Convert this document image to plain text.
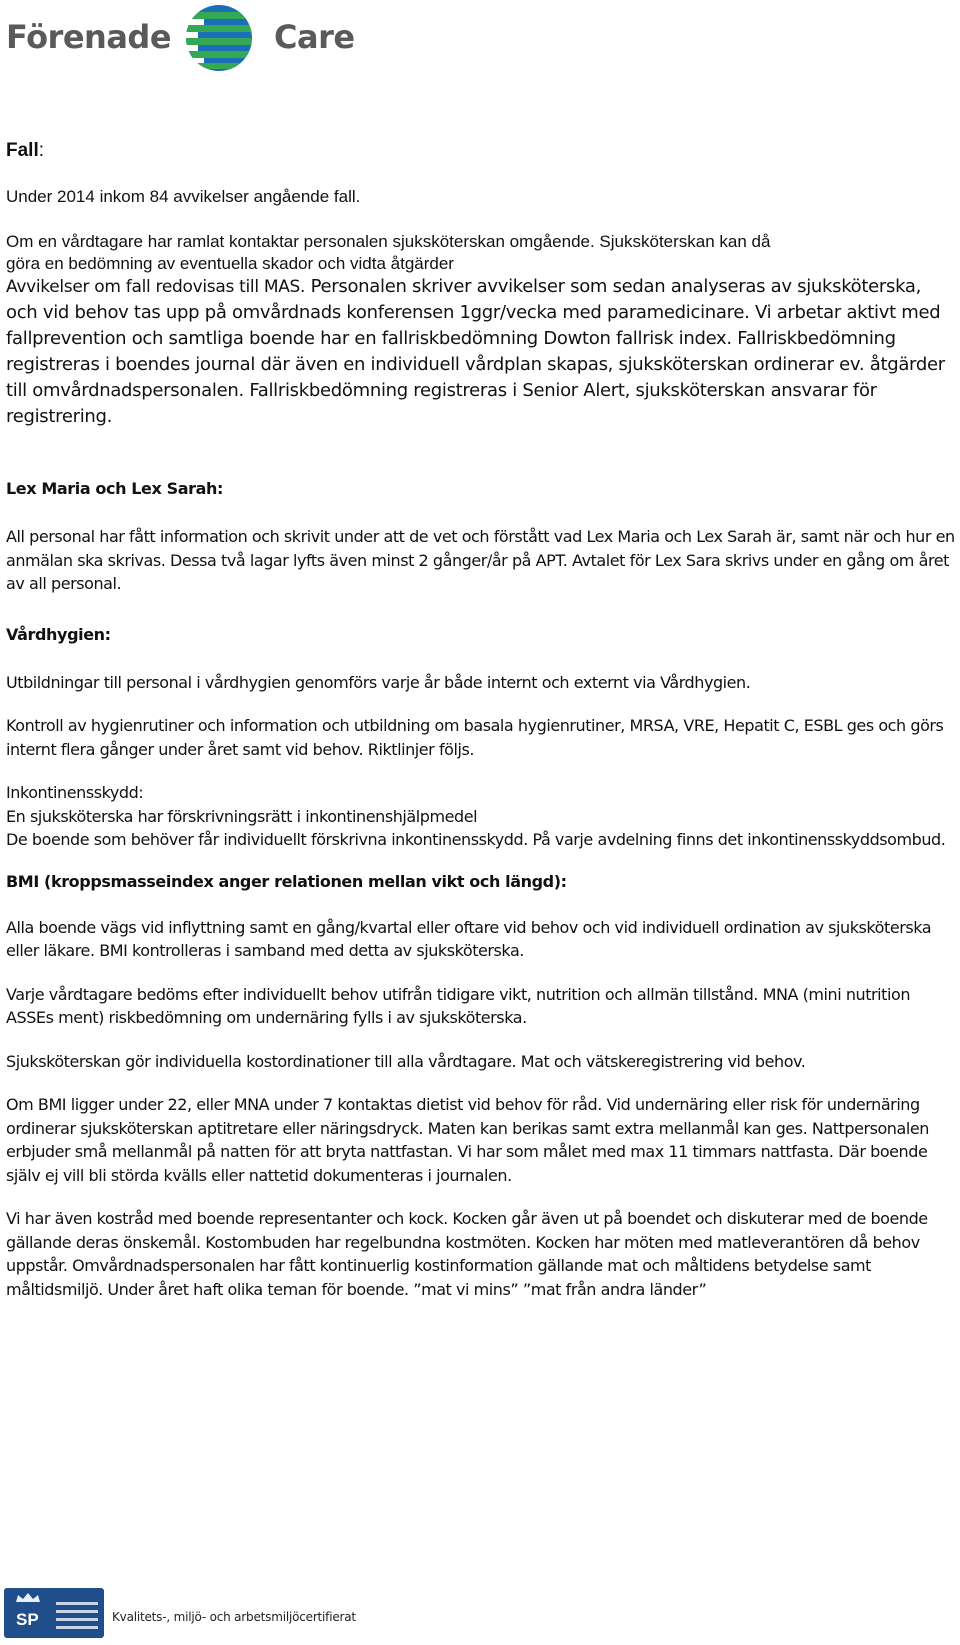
Förenade	Care

Fall:

Under 2014 inkom 84 avvikelser angående fall.

Om en vårdtagare har ramlat kontaktar personalen sjuksköterskan omgående. Sjuksköterskan kan då

göra en bedömning av eventuella skador och vidta åtgärder

Avvikelser om fall redovisas till MAS. Personalen skriver avvikelser som sedan analyseras av sjuksköterska, och vid behov tas upp på omvårdnads konferensen 1ggr/vecka med paramedicinare. Vi arbetar aktivt med fallprevention och samtliga boende har en fallriskbedömning Dowton fallrisk index. Fallriskbedömning registreras i boendes journal där även en individuell vårdplan skapas, sjuksköterskan ordinerar ev. åtgärder till omvårdnadspersonalen. Fallriskbedömning registreras i Senior Alert, sjuksköterskan ansvarar för registrering.

Lex Maria och Lex Sarah:

All personal har fått information och skrivit under att de vet och förstått vad Lex Maria och Lex Sarah är, samt när och hur en anmälan ska skrivas. Dessa två lagar lyfts även minst 2 gånger/år på APT. Avtalet för Lex Sara skrivs under en gång om året av all personal.

Vårdhygien:

Utbildningar till personal i vårdhygien genomförs varje år både internt och externt via Vårdhygien.

Kontroll av hygienrutiner och information och utbildning om basala hygienrutiner, MRSA, VRE, Hepatit C, ESBL ges och görs internt flera gånger under året samt vid behov. Riktlinjer följs.

Inkontinensskydd:

En sjuksköterska har förskrivningsrätt i inkontinenshjälpmedel

De boende som behöver får individuellt förskrivna inkontinensskydd. På varje avdelning finns det inkontinensskyddsombud.

BMI (kroppsmasseindex anger relationen mellan vikt och längd):

Alla boende vägs vid inflyttning samt en gång/kvartal eller oftare vid behov och vid individuell ordination av sjuksköterska eller läkare. BMI kontrolleras i samband med detta av sjuksköterska.

Varje vårdtagare bedöms efter individuellt behov utifrån tidigare vikt, nutrition och allmän tillstånd. MNA (mini nutrition ASSEs ment) riskbedömning om undernäring fylls i av sjuksköterska.

Sjuksköterskan gör individuella kostordinationer till alla vårdtagare. Mat och vätskeregistrering vid behov.

Om BMI ligger under 22, eller MNA under 7 kontaktas dietist vid behov för råd. Vid undernäring eller risk för undernäring ordinerar sjuksköterskan aptitretare eller näringsdryck. Maten kan berikas samt extra mellanmål kan ges. Nattpersonalen erbjuder små mellanmål på natten för att bryta nattfastan. Vi har som målet med max 11 timmars nattfasta. Där boende själv ej vill bli störda kvälls eller nattetid dokumenteras i journalen.

Vi har även kostråd med boende representanter och kock. Kocken går även ut på boendet och diskuterar med de boende gällande deras önskemål. Kostombuden har regelbundna kostmöten. Kocken har möten med matleverantören då behov uppstår. Omvårdnadspersonalen har fått kontinuerlig kostinformation gällande mat och måltidens betydelse samt måltidsmiljö. Under året haft olika teman för boende. ”mat vi mins” ”mat från andra länder”

SP	Kvalitets-, miljö- och arbetsmiljöcertifierat
